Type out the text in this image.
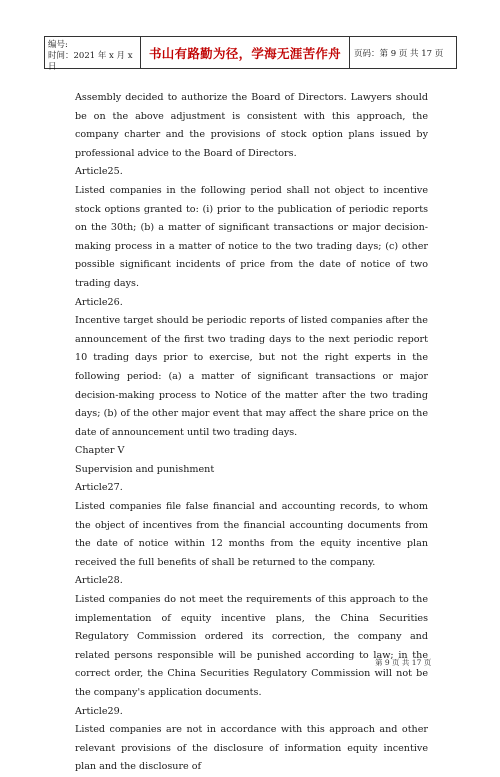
编号:
时间：2021 年 x 月 x 日
书山有路勤为径，学海无涯苦作舟	页码：第 9 页 共 17 页

Assembly decided to authorize the Board of Directors. Lawyers should be on the above adjustment is consistent with this approach, the company charter and the provisions of stock option plans issued by professional advice to the Board of Directors.

Article25.

Listed companies in the following period shall not object to incentive stock options granted to: (i) prior to the publication of periodic reports on the 30th; (b) a matter of significant transactions or major decision-making process in a matter of notice to the two trading days; (c) other possible significant incidents of price from the date of notice of two trading days.

Article26.

Incentive target should be periodic reports of listed companies after the announcement of the first two trading days to the next periodic report 10 trading days prior to exercise, but not the right experts in the following period: (a) a matter of significant transactions or major decision-making process to Notice of the matter after the two trading days; (b) of the other major event that may affect the share price on the date of announcement until two trading days.

Chapter V

Supervision and punishment

Article27.

Listed companies file false financial and accounting records, to whom the object of incentives from the financial accounting documents from the date of notice within 12 months from the equity incentive plan received the full benefits of shall be returned to the company.

Article28.

Listed companies do not meet the requirements of this approach to the implementation of equity incentive plans, the China Securities Regulatory Commission ordered its correction, the company and related persons responsible will be punished according to law; in the correct order, the China Securities Regulatory Commission will not be the company's application documents.

Article29.

Listed companies are not in accordance with this approach and other relevant provisions of the disclosure of information equity incentive plan and the disclosure of

第 9 页 共 17 页
